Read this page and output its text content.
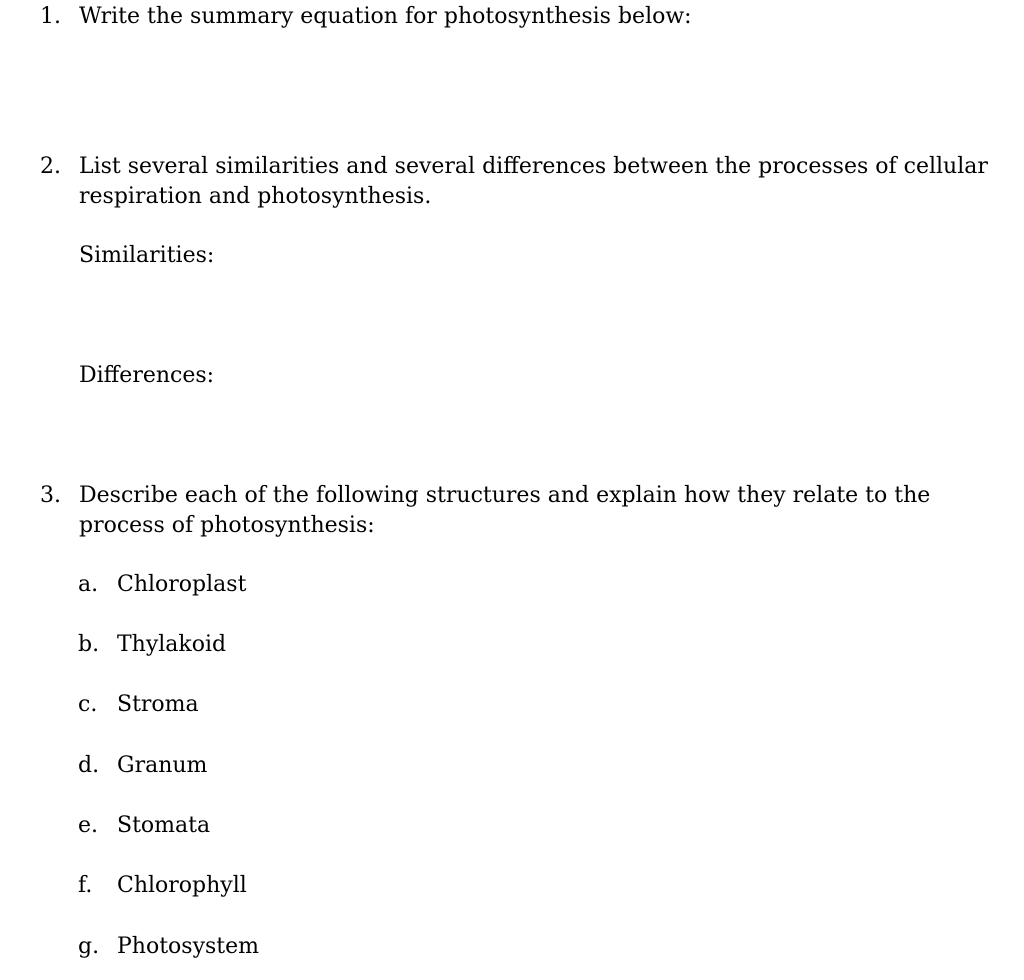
1. Write the summary equation for photosynthesis below:
2. List several similarities and several differences between the processes of cellular respiration and photosynthesis.
Similarities:
Differences:
3. Describe each of the following structures and explain how they relate to the process of photosynthesis:
a. Chloroplast
b. Thylakoid
c. Stroma
d. Granum
e. Stomata
f. Chlorophyll
g. Photosystem
